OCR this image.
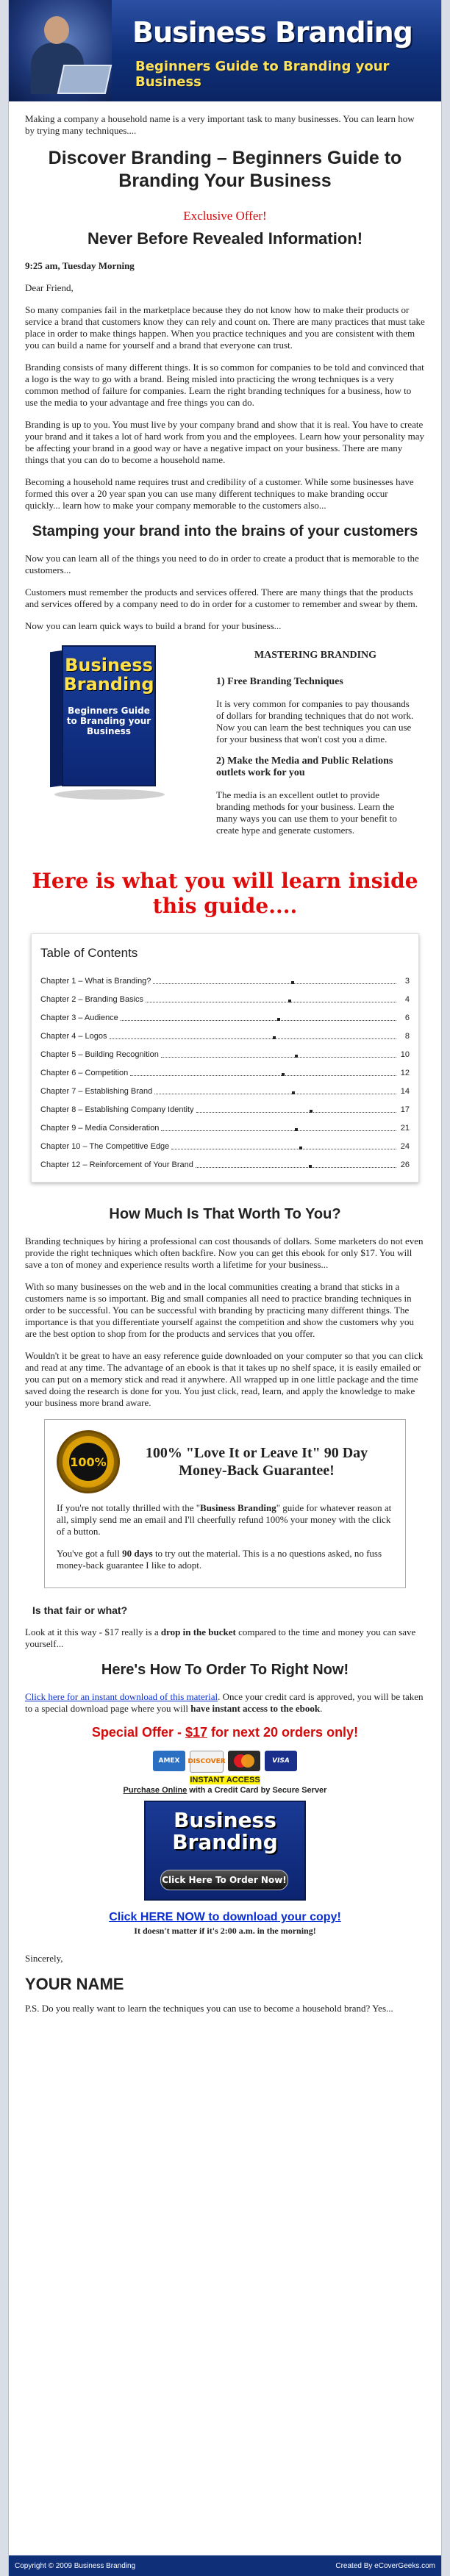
Business Branding
Beginners Guide to Branding your Business

Making a company a household name is a very important task to many businesses. You can learn how by trying many techniques....

Discover Branding – Beginners Guide to Branding Your Business
Exclusive Offer!
Never Before Revealed Information!

9:25 am, Tuesday Morning

Dear Friend,

So many companies fail in the marketplace because they do not know how to make their products or service a brand that customers know they can rely and count on. There are many practices that must take place in order to make things happen. When you practice techniques and you are consistent with them you can build a name for yourself and a brand that everyone can trust.

Branding consists of many different things. It is so common for companies to be told and convinced that a logo is the way to go with a brand. Being misled into practicing the wrong techniques is a very common method of failure for companies. Learn the right branding techniques for a business, how to use the media to your advantage and free things you can do.

Branding is up to you. You must live by your company brand and show that it is real. You have to create your brand and it takes a lot of hard work from you and the employees. Learn how your personality may be affecting your brand in a good way or have a negative impact on your business. There are many things that you can do to become a household name.

Becoming a household name requires trust and credibility of a customer. While some businesses have formed this over a 20 year span you can use many different techniques to make branding occur quickly... learn how to make your company memorable to the customers also...

Stamping your brand into the brains of your customers

Now you can learn all of the things you need to do in order to create a product that is memorable to the customers...

Customers must remember the products and services offered. There are many things that the products and services offered by a company need to do in order for a customer to remember and swear by them.

Now you can learn quick ways to build a brand for your business...

Business Branding
Beginners Guide to Branding your Business
MASTERING BRANDING
1) Free Branding Techniques

It is very common for companies to pay thousands of dollars for branding techniques that do not work. Now you can learn the best techniques you can use for your business that won't cost you a dime.

2) Make the Media and Public Relations outlets work for you

The media is an excellent outlet to provide branding methods for your business. Learn the many ways you can use them to your benefit to create hype and generate customers.

Here is what you will learn inside this guide....
Table of Contents
Chapter 1 – What is Branding?	3
Chapter 2 – Branding Basics	4
Chapter 3 – Audience	6
Chapter 4 – Logos	8
Chapter 5 – Building Recognition	10
Chapter 6 – Competition	12
Chapter 7 – Establishing Brand	14
Chapter 8 – Establishing Company Identity	17
Chapter 9 – Media Consideration	21
Chapter 10 – The Competitive Edge	24
Chapter 12 – Reinforcement of Your Brand	26
How Much Is That Worth To You?

Branding techniques by hiring a professional can cost thousands of dollars. Some marketers do not even provide the right techniques which often backfire. Now you can get this ebook for only $17. You will save a ton of money and experience results worth a lifetime for your business...

With so many businesses on the web and in the local communities creating a brand that sticks in a customers name is so important. Big and small companies all need to practice branding techniques in order to be successful. You can be successful with branding by practicing many different things. The importance is that you differentiate yourself against the competition and show the customers why you are the best option to shop from for the products and services that you offer.

Wouldn't it be great to have an easy reference guide downloaded on your computer so that you can click and read at any time. The advantage of an ebook is that it takes up no shelf space, it is easily emailed or you can put on a memory stick and read it anywhere. All wrapped up in one little package and the time saved doing the research is done for you. You just click, read, learn, and apply the knowledge to make your business more brand aware.

100%
100% "Love It or Leave It" 90 Day Money-Back Guarantee!

If you're not totally thrilled with the "Business Branding" guide for whatever reason at all, simply send me an email and I'll cheerfully refund 100% your money with the click of a button.

You've got a full 90 days to try out the material. This is a no questions asked, no fuss money-back guarantee I like to adopt.

Is that fair or what?

Look at it this way - $17 really is a drop in the bucket compared to the time and money you can save yourself...

Here's How To Order To Right Now!

Click here for an instant download of this material. Once your credit card is approved, you will be taken to a special download page where you will have instant access to the ebook.

Special Offer - $17 for next 20 orders only!
AMEX	DISCOVER	VISA
INSTANT ACCESS
Purchase Online with a Credit Card by Secure Server
Business Branding
Click Here To Order Now!
Click HERE NOW to download your copy!
It doesn't matter if it's 2:00 a.m. in the morning!

Sincerely,

YOUR NAME

P.S. Do you really want to learn the techniques you can use to become a household brand? Yes...

Copyright © 2009 Business Branding	Created By eCoverGeeks.com
